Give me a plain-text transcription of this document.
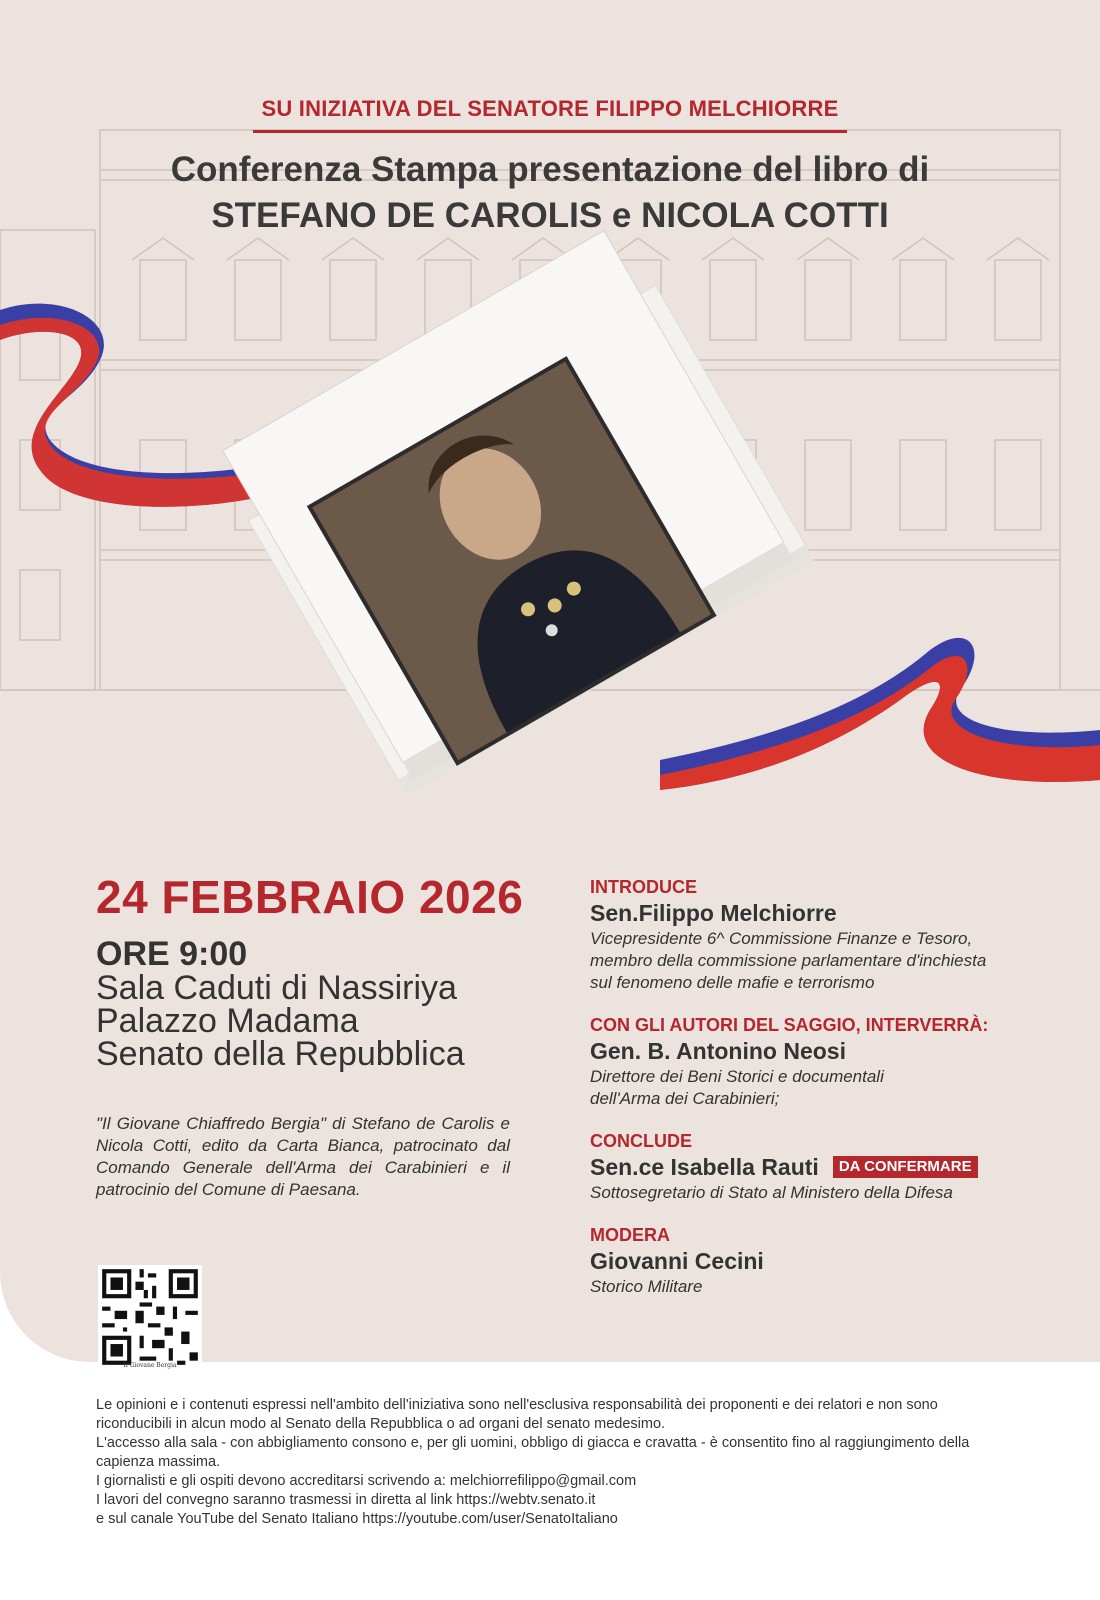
SU INIZIATIVA DEL SENATORE FILIPPO MELCHIORRE
Conferenza Stampa presentazione del libro di
STEFANO DE CAROLIS e NICOLA COTTI
24 FEBBRAIO 2026
ORE 9:00
Sala Caduti di Nassiriya
Palazzo Madama
Senato della Repubblica
"Il Giovane Chiaffredo Bergia" di Stefano de Carolis e Nicola Cotti, edito da Carta Bianca, patrocinato dal Comando Generale dell'Arma dei Carabinieri e il patrocinio del Comune di Paesana.
INTRODUCE
Sen.Filippo Melchiorre
Vicepresidente 6^ Commissione Finanze e Tesoro,
membro della commissione parlamentare d'inchiesta
sul fenomeno delle mafie e terrorismo
CON GLI AUTORI DEL SAGGIO, INTERVERRÀ:
Gen. B. Antonino Neosi
Direttore dei Beni Storici e documentali
dell'Arma dei Carabinieri;
CONCLUDE
Sen.ce Isabella Rauti	DA CONFERMARE
Sottosegretario di Stato al Ministero della Difesa
MODERA
Giovanni Cecini
Storico Militare
Il Giovane Bergia
Le opinioni e i contenuti espressi nell'ambito dell'iniziativa sono nell'esclusiva responsabilità dei proponenti e dei relatori e non sono riconducibili in alcun modo al Senato della Repubblica o ad organi del senato medesimo.
L'accesso alla sala - con abbigliamento consono e, per gli uomini, obbligo di giacca e cravatta - è consentito fino al raggiungimento della capienza massima.
I giornalisti e gli ospiti devono accreditarsi scrivendo a: melchiorrefilippo@gmail.com
I lavori del convegno saranno trasmessi in diretta al link https://webtv.senato.it
e sul canale YouTube del Senato Italiano https://youtube.com/user/SenatoItaliano
